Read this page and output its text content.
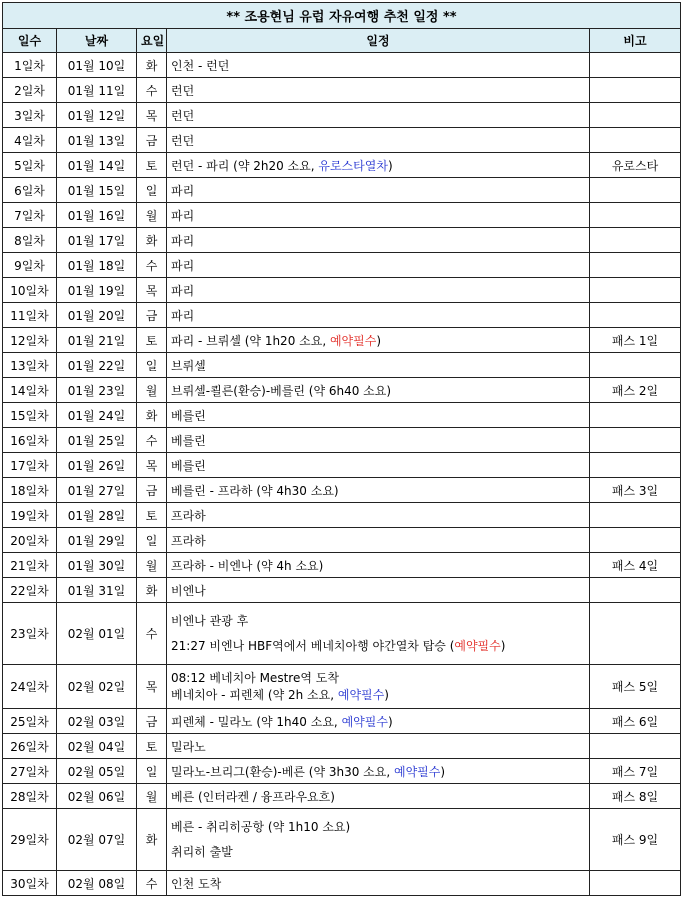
** 조용현님 유럽 자유여행 추천 일정 **				
일수	날짜	요일	일정	비고
1일차	01월 10일	화	인천 - 런던	
2일차	01월 11일	수	런던	
3일차	01월 12일	목	런던	
4일차	01월 13일	금	런던	
5일차	01월 14일	토	런던 - 파리 (약 2h20 소요, 유로스타열차)	유로스타
6일차	01월 15일	일	파리	
7일차	01월 16일	월	파리	
8일차	01월 17일	화	파리	
9일차	01월 18일	수	파리	
10일차	01월 19일	목	파리	
11일차	01월 20일	금	파리	
12일차	01월 21일	토	파리 - 브뤼셀 (약 1h20 소요, 예약필수)	패스 1일
13일차	01월 22일	일	브뤼셀	
14일차	01월 23일	월	브뤼셀-쾰른(환승)-베를린 (약 6h40 소요)	패스 2일
15일차	01월 24일	화	베를린	
16일차	01월 25일	수	베를린	
17일차	01월 26일	목	베를린	
18일차	01월 27일	금	베를린 - 프라하 (약 4h30 소요)	패스 3일
19일차	01월 28일	토	프라하	
20일차	01월 29일	일	프라하	
21일차	01월 30일	월	프라하 - 비엔나 (약 4h 소요)	패스 4일
22일차	01월 31일	화	비엔나	
23일차	02월 01일	수	비엔나 관광 후
21:27 비엔나 HBF역에서 베네치아행 야간열차 탑승 (예약필수)	

24일차	02월 02일	목	08:12 베네치아 Mestre역 도착
베네치아 - 피렌체 (약 2h 소요, 예약필수)	패스 5일
25일차	02월 03일	금	피렌체 - 밀라노 (약 1h40 소요, 예약필수)	패스 6일
26일차	02월 04일	토	밀라노	
27일차	02월 05일	일	밀라노-브리그(환승)-베른 (약 3h30 소요, 예약필수)	패스 7일
28일차	02월 06일	월	베른 (인터라켄 / 융프라우요흐)	패스 8일
29일차	02월 07일	화	베른 - 취리히공항 (약 1h10 소요)
취리히 출발	패스 9일
30일차	02월 08일	수	인천 도착	
